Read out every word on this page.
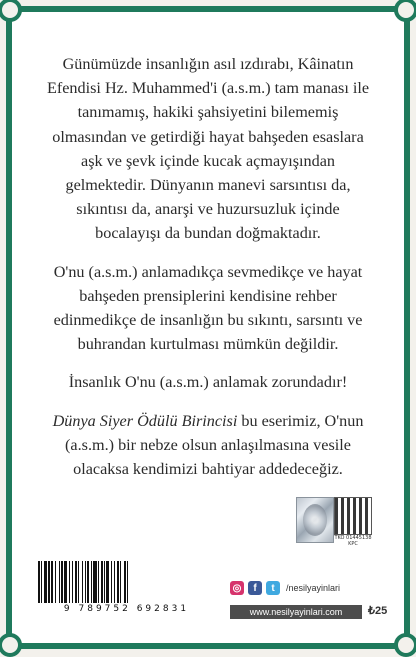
Günümüzde insanlığın asıl ızdırabı, Kâinatın Efendisi Hz. Muhammed'i (a.s.m.) tam manası ile tanımamış, hakiki şahsiyetini bilememiş olmasından ve getirdiği hayat bahşeden esaslara aşk ve şevk içinde kucak açmayışından gelmektedir. Dünyanın manevi sarsıntısı da, sıkıntısı da, anarşi ve huzursuzluk içinde bocalayışı da bundan doğmaktadır.

O'nu (a.s.m.) anlamadıkça sevmedikçe ve hayat bahşeden prensiplerini kendisine rehber edinmedikçe de insanlığın bu sıkıntı, sarsıntı ve buhrandan kurtulması mümkün değildir.

İnsanlık O'nu (a.s.m.) anlamak zorundadır!

Dünya Siyer Ödülü Birincisi bu eserimiz, O'nun (a.s.m.) bir nebze olsun anlaşılmasına vesile olacaksa kendimizi bahtiyar addedeceğiz.

TKO 01445138 KPC
9 789752 692831
◎	f	t	/nesilyayinlari
www.nesilyayinlari.com	₺25
